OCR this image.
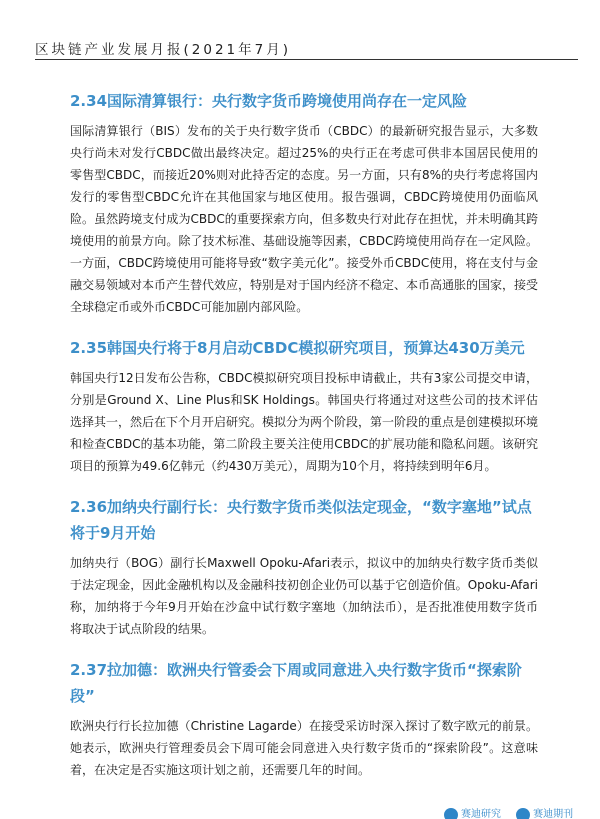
区块链产业发展月报(2021年7月)
2.34国际清算银行：央行数字货币跨境使用尚存在一定风险

国际清算银行（BIS）发布的关于央行数字货币（CBDC）的最新研究报告显示，大多数央行尚未对发行CBDC做出最终决定。超过25%的央行正在考虑可供非本国居民使用的零售型CBDC，而接近20%则对此持否定的态度。另一方面，只有8%的央行考虑将国内发行的零售型CBDC允许在其他国家与地区使用。报告强调，CBDC跨境使用仍面临风险。虽然跨境支付成为CBDC的重要探索方向，但多数央行对此存在担忧，并未明确其跨境使用的前景方向。除了技术标准、基础设施等因素，CBDC跨境使用尚存在一定风险。一方面，CBDC跨境使用可能将导致“数字美元化”。接受外币CBDC使用，将在支付与金融交易领域对本币产生替代效应，特别是对于国内经济不稳定、本币高通胀的国家，接受全球稳定币或外币CBDC可能加剧内部风险。

2.35韩国央行将于8月启动CBDC模拟研究项目，预算达430万美元

韩国央行12日发布公告称，CBDC模拟研究项目投标申请截止，共有3家公司提交申请，分别是Ground X、Line Plus和SK Holdings。韩国央行将通过对这些公司的技术评估选择其一，然后在下个月开启研究。模拟分为两个阶段，第一阶段的重点是创建模拟环境和检查CBDC的基本功能，第二阶段主要关注使用CBDC的扩展功能和隐私问题。该研究项目的预算为49.6亿韩元（约430万美元），周期为10个月，将持续到明年6月。

2.36加纳央行副行长：央行数字货币类似法定现金，“数字塞地”试点将于9月开始

加纳央行（BOG）副行长Maxwell Opoku-Afari表示，拟议中的加纳央行数字货币类似于法定现金，因此金融机构以及金融科技初创企业仍可以基于它创造价值。Opoku-Afari称，加纳将于今年9月开始在沙盒中试行数字塞地（加纳法币），是否批准使用数字货币将取决于试点阶段的结果。

2.37拉加德：欧洲央行管委会下周或同意进入央行数字货币“探索阶段”

欧洲央行行长拉加德（Christine Lagarde）在接受采访时深入探讨了数字欧元的前景。她表示，欧洲央行管理委员会下周可能会同意进入央行数字货币的“探索阶段”。这意味着，在决定是否实施这项计划之前，还需要几年的时间。

赛迪研究	赛迪期刊
